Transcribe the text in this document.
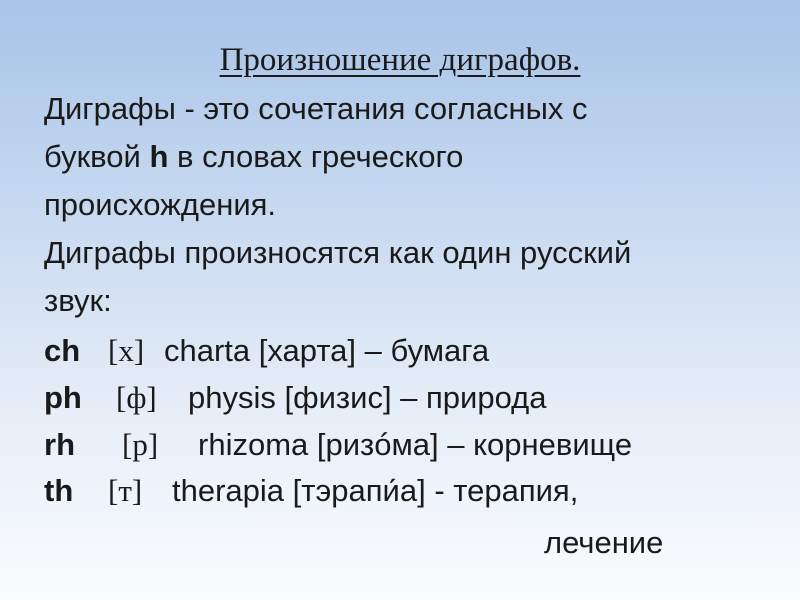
Произношение диграфов.
Диграфы - это сочетания согласных с
буквой h в словах греческого
происхождения.
Диграфы произносятся как один русский
звук:
ch [х] charta [харта] – бумага
ph [ф] physis [физис] – природа
rh [р] rhizoma [ризóма] – корневище
th [т] therapia [тэрапи́а] - терапия,
лечение
